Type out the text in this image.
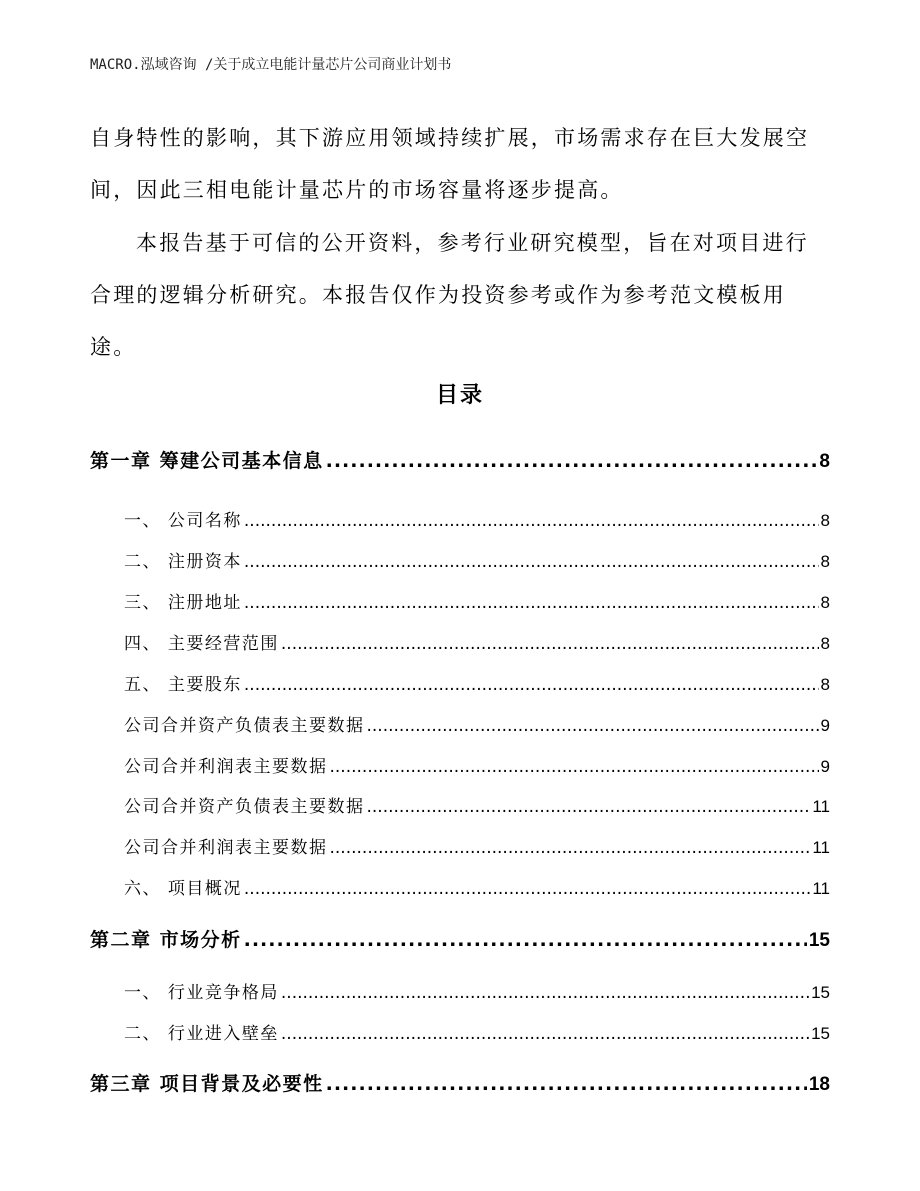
MACRO.泓域咨询 /关于成立电能计量芯片公司商业计划书
自身特性的影响，其下游应用领域持续扩展，市场需求存在巨大发展空间，因此三相电能计量芯片的市场容量将逐步提高。
本报告基于可信的公开资料，参考行业研究模型，旨在对项目进行合理的逻辑分析研究。本报告仅作为投资参考或作为参考范文模板用途。
目录
第一章 筹建公司基本信息 .....	8
一、 公司名称 .....	8
二、 注册资本 .....	8
三、 注册地址 .....	8
四、 主要经营范围 .....	8
五、 主要股东 .....	8
公司合并资产负债表主要数据 .....	9
公司合并利润表主要数据 .....	9
公司合并资产负债表主要数据 .....	11
公司合并利润表主要数据 .....	11
六、 项目概况 .....	11
第二章 市场分析 .....	15
一、 行业竞争格局 .....	15
二、 行业进入壁垒 .....	15
第三章 项目背景及必要性 .....	18
